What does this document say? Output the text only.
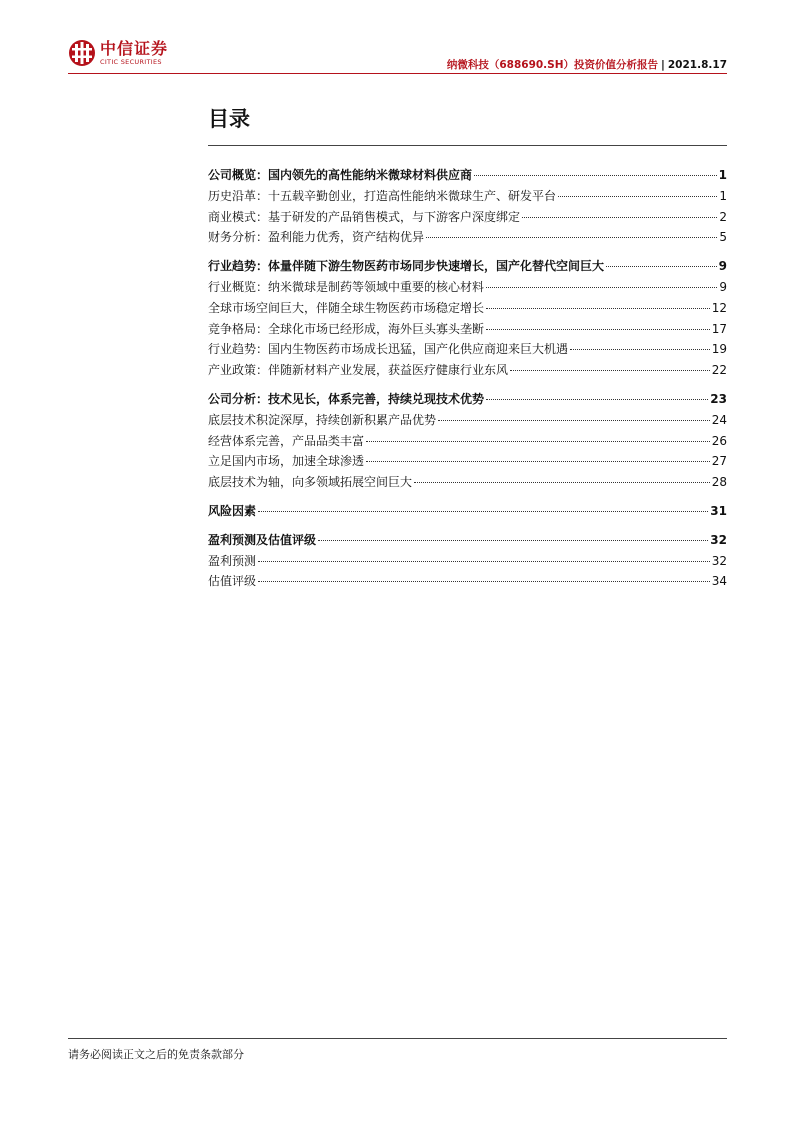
中信证券
CITIC SECURITIES	纳微科技（688690.SH）投资价值分析报告 | 2021.8.17
目录
公司概览：国内领先的高性能纳米微球材料供应商	1
历史沿革：十五载辛勤创业，打造高性能纳米微球生产、研发平台	1
商业模式：基于研发的产品销售模式，与下游客户深度绑定	2
财务分析：盈利能力优秀，资产结构优异	5
行业趋势：体量伴随下游生物医药市场同步快速增长，国产化替代空间巨大	9
行业概览：纳米微球是制药等领域中重要的核心材料	9
全球市场空间巨大，伴随全球生物医药市场稳定增长	12
竞争格局：全球化市场已经形成，海外巨头寡头垄断	17
行业趋势：国内生物医药市场成长迅猛，国产化供应商迎来巨大机遇	19
产业政策：伴随新材料产业发展，获益医疗健康行业东风	22
公司分析：技术见长，体系完善，持续兑现技术优势	23
底层技术积淀深厚，持续创新积累产品优势	24
经营体系完善，产品品类丰富	26
立足国内市场，加速全球渗透	27
底层技术为轴，向多领域拓展空间巨大	28
风险因素	31
盈利预测及估值评级	32
盈利预测	32
估值评级	34
请务必阅读正文之后的免责条款部分
